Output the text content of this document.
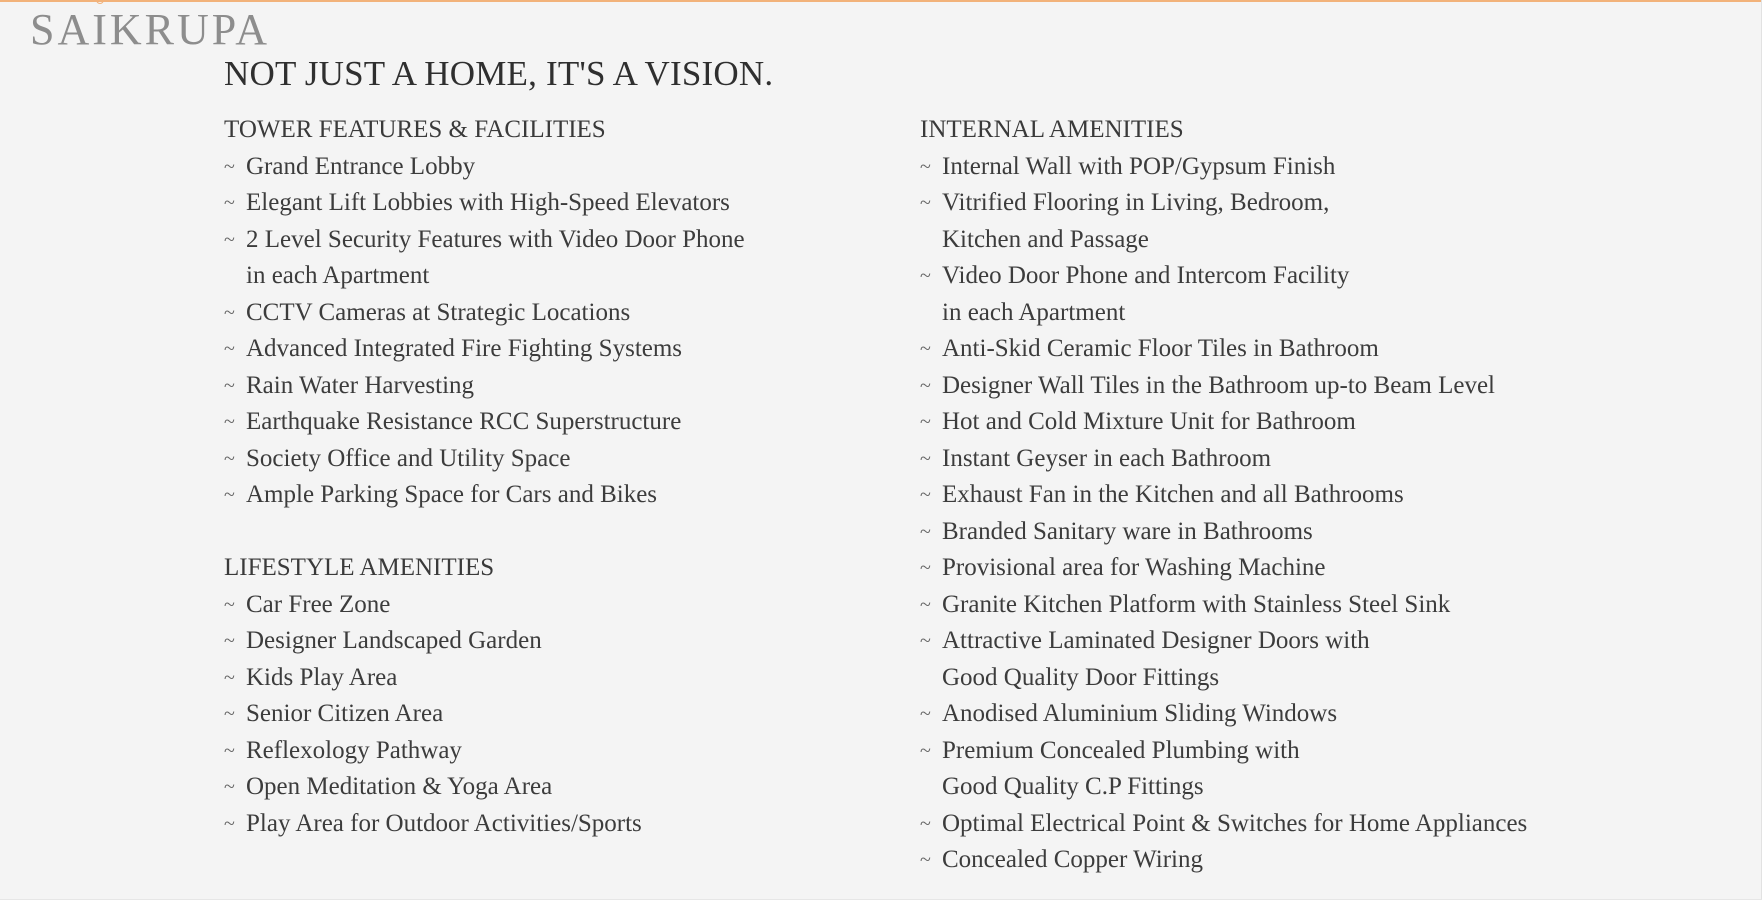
SAIKRUPA
NOT JUST A HOME, IT'S A VISION.
TOWER FEATURES & FACILITIES
~ Grand Entrance Lobby
~ Elegant Lift Lobbies with High-Speed Elevators
~ 2 Level Security Features with Video Door Phone
in each Apartment
~ CCTV Cameras at Strategic Locations
~ Advanced Integrated Fire Fighting Systems
~ Rain Water Harvesting
~ Earthquake Resistance RCC Superstructure
~ Society Office and Utility Space
~ Ample Parking Space for Cars and Bikes
LIFESTYLE AMENITIES
~ Car Free Zone
~ Designer Landscaped Garden
~ Kids Play Area
~ Senior Citizen Area
~ Reflexology Pathway
~ Open Meditation & Yoga Area
~ Play Area for Outdoor Activities/Sports
INTERNAL AMENITIES
~ Internal Wall with POP/Gypsum Finish
~ Vitrified Flooring in Living, Bedroom,
Kitchen and Passage
~ Video Door Phone and Intercom Facility
in each Apartment
~ Anti-Skid Ceramic Floor Tiles in Bathroom
~ Designer Wall Tiles in the Bathroom up-to Beam Level
~ Hot and Cold Mixture Unit for Bathroom
~ Instant Geyser in each Bathroom
~ Exhaust Fan in the Kitchen and all Bathrooms
~ Branded Sanitary ware in Bathrooms
~ Provisional area for Washing Machine
~ Granite Kitchen Platform with Stainless Steel Sink
~ Attractive Laminated Designer Doors with
Good Quality Door Fittings
~ Anodised Aluminium Sliding Windows
~ Premium Concealed Plumbing with
Good Quality C.P Fittings
~ Optimal Electrical Point & Switches for Home Appliances
~ Concealed Copper Wiring
